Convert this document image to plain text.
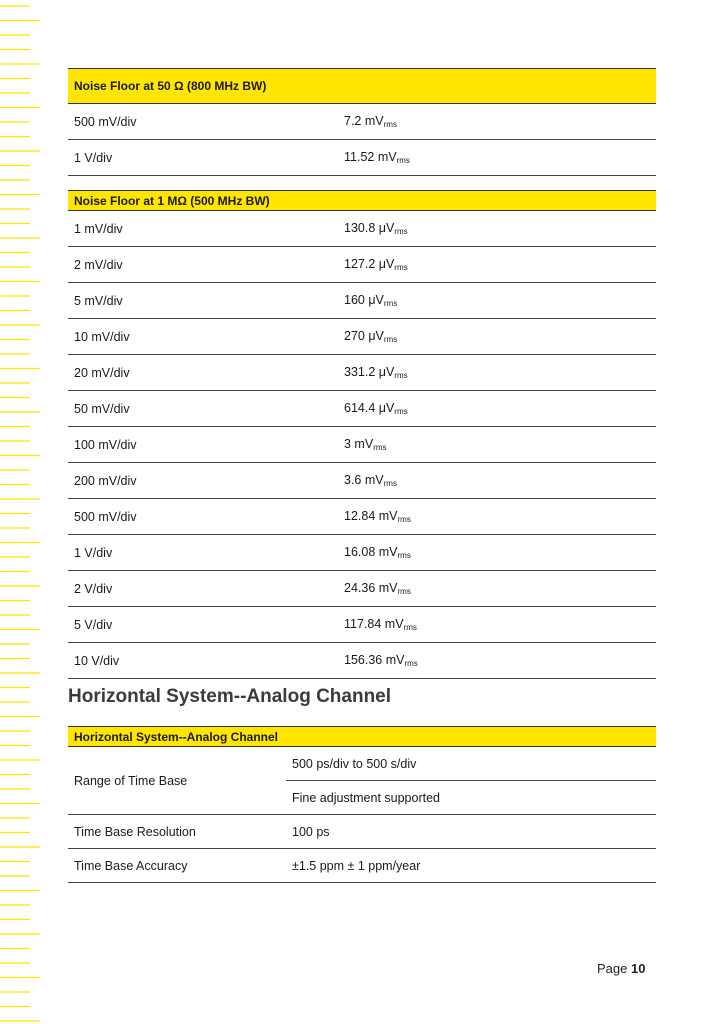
Noise Floor at 50 Ω (800 MHz BW)	
500 mV/div	7.2 $mV_{rms}$
1 V/div	11.52 $mV_{rms}$
Noise Floor at 1 MΩ (500 MHz BW)	
1 mV/div	130.8 $\mu V_{rms}$
2 mV/div	127.2 $\mu V_{rms}$
5 mV/div	160 $\mu V_{rms}$
10 mV/div	270 $\mu V_{rms}$
20 mV/div	331.2 $\mu V_{rms}$
50 mV/div	614.4 $\mu V_{rms}$
100 mV/div	3 $mV_{rms}$
200 mV/div	3.6 $mV_{rms}$
500 mV/div	12.84 $mV_{rms}$
1 V/div	16.08 $mV_{rms}$
2 V/div	24.36 $mV_{rms}$
5 V/div	117.84 $mV_{rms}$
10 V/div	156.36 $mV_{rms}$
Horizontal System--Analog Channel
Horizontal System--Analog Channel	
Range of Time Base	500 ps/div to 500 s/div
	Fine adjustment supported
Time Base Resolution	100 ps
Time Base Accuracy	±1.5 ppm ± 1 ppm/year
Page 10
